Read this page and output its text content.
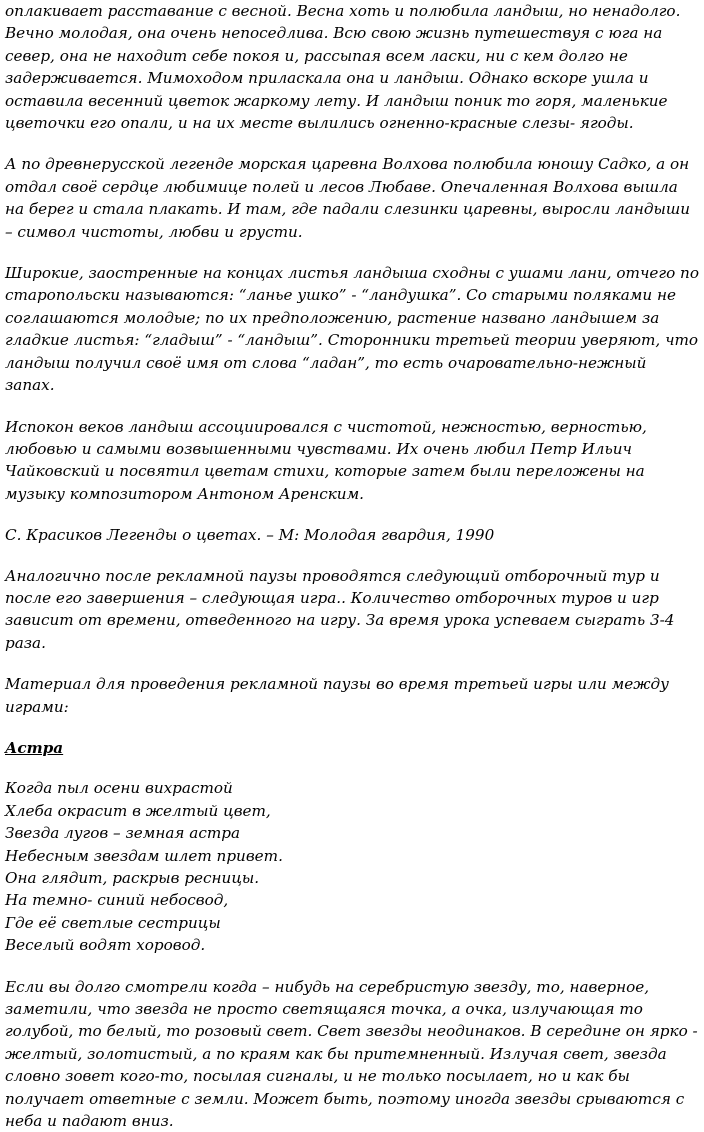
оплакивает расставание с весной. Весна хоть и полюбила ландыш, но ненадолго. Вечно молодая, она очень непоседлива. Всю свою жизнь путешествуя с юга на север, она не находит себе покоя и, рассыпая всем ласки, ни с кем долго не задерживается. Мимоходом приласкала она и ландыш. Однако вскоре ушла и оставила весенний цветок жаркому лету. И ландыш поник то горя, маленькие цветочки его опали, и на их месте вылились огненно-красные слезы- ягоды.

А по древнерусской легенде морская царевна Волхова полюбила юношу Садко, а он отдал своё сердце любимице полей и лесов Любаве. Опечаленная Волхова вышла на берег и стала плакать. И там, где падали слезинки царевны, выросли ландыши – символ чистоты, любви и грусти.

Широкие, заостренные на концах листья ландыша сходны с ушами лани, отчего по старопольски называются: “ланье ушко” - “ландушка”. Со старыми поляками не соглашаются молодые; по их предположению, растение названо ландышем за гладкие листья: “гладыш” - “ландыш”. Сторонники третьей теории уверяют, что ландыш получил своё имя от слова “ладан”, то есть очаровательно-нежный запах.

Испокон веков ландыш ассоциировался с чистотой, нежностью, верностью, любовью и самыми возвышенными чувствами. Их очень любил Петр Ильич Чайковский и посвятил цветам стихи, которые затем были переложены на музыку композитором Антоном Аренским.

С. Красиков Легенды о цветах. – М: Молодая гвардия, 1990

Аналогично после рекламной паузы проводятся следующий отборочный тур и после его завершения – следующая игра.. Количество отборочных туров и игр зависит от времени, отведенного на игру. За время урока успеваем сыграть 3-4 раза.

Материал для проведения рекламной паузы во время третьей игры или между играми:

Астра

Когда пыл осени вихрастой

Хлеба окрасит в желтый цвет,

Звезда лугов – земная астра

Небесным звездам шлет привет.

Она глядит, раскрыв ресницы.

На темно- синий небосвод,

Где её светлые сестрицы

Веселый водят хоровод.

Если вы долго смотрели когда – нибудь на серебристую звезду, то, наверное, заметили, что звезда не просто светящаяся точка, а очка, излучающая то голубой, то белый, то розовый свет. Свет звезды неодинаков. В середине он ярко - желтый, золотистый, а по краям как бы притемненный. Излучая свет, звезда словно зовет кого-то, посылая сигналы, и не только посылает, но и как бы получает ответные с земли. Может быть, поэтому иногда звезды срываются с неба и падают вниз.
